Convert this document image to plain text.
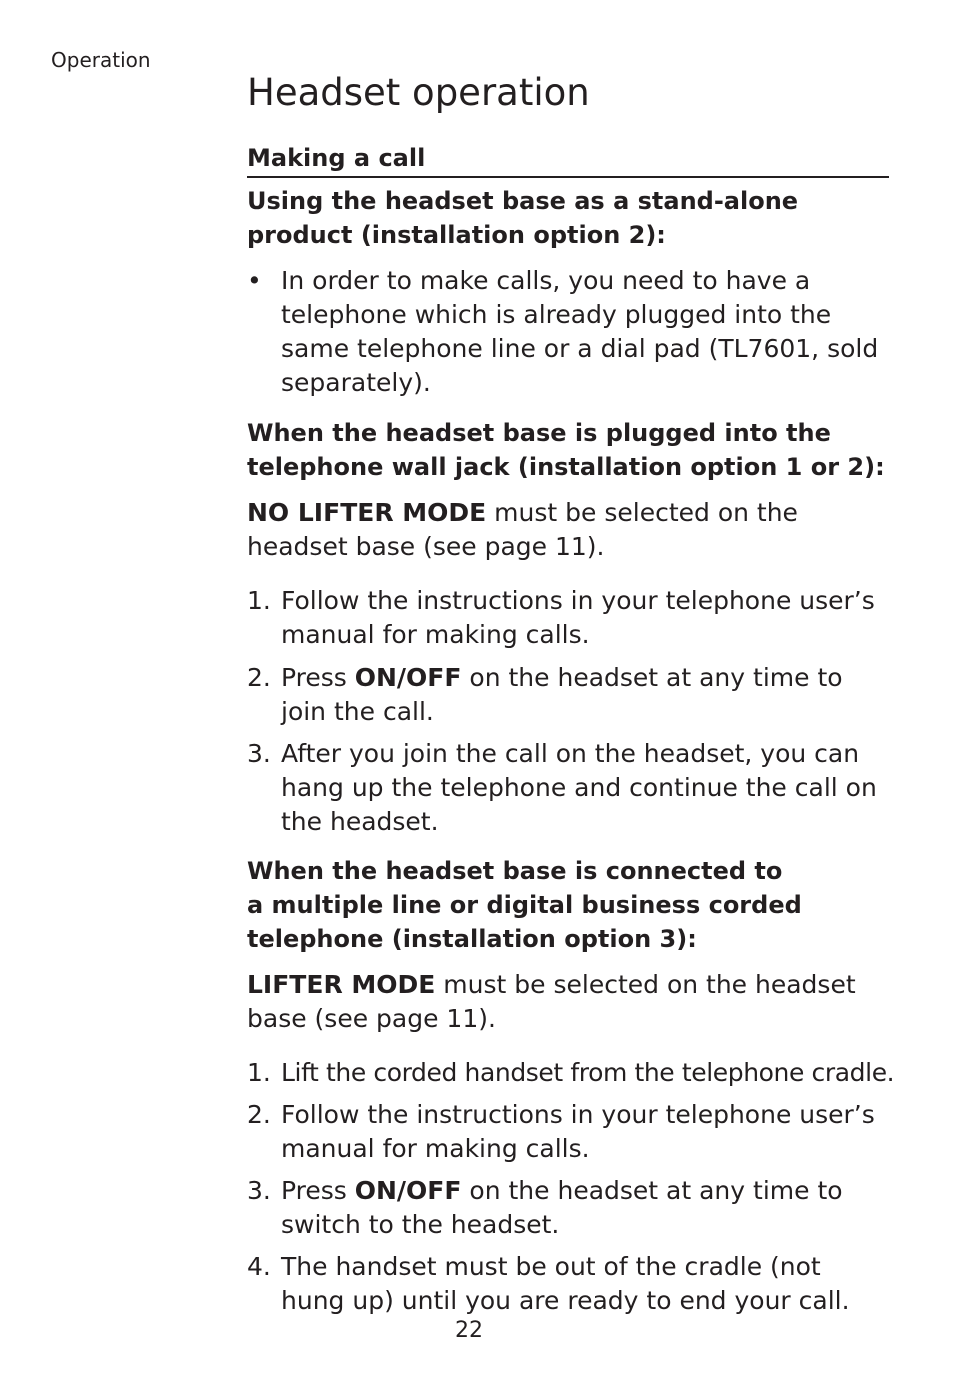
Operation
Headset operation
Making a call

Using the headset base as a stand-alone
product (installation option 2):

• In order to make calls, you need to have a telephone which is already plugged into the same telephone line or a dial pad (TL7601, sold separately).

When the headset base is plugged into the
telephone wall jack (installation option 1 or 2):

NO LIFTER MODE must be selected on the headset base (see page 11).

1. Follow the instructions in your telephone user’s manual for making calls.
2. Press ON/OFF on the headset at any time to join the call.
3. After you join the call on the headset, you can hang up the telephone and continue the call on the headset.

When the headset base is connected to
a multiple line or digital business corded
telephone (installation option 3):

LIFTER MODE must be selected on the headset base (see page 11).

1. Lift the corded handset from the telephone cradle.
2. Follow the instructions in your telephone user’s manual for making calls.
3. Press ON/OFF on the headset at any time to switch to the headset.
4. The handset must be out of the cradle (not hung up) until you are ready to end your call.
22
